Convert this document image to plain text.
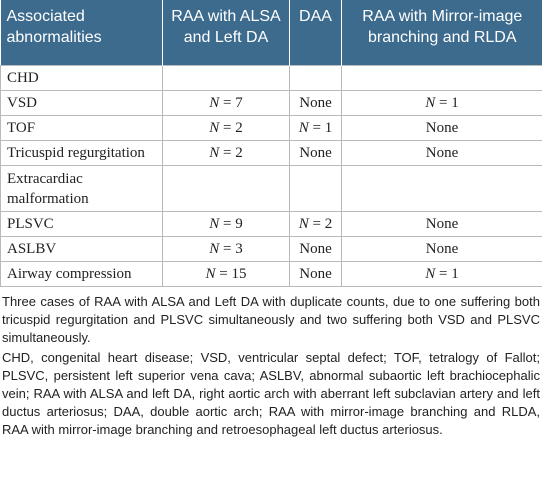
Associated abnormalities	RAA with ALSA and Left DA	DAA	RAA with Mirror-image branching and RLDA
CHD			
VSD	N = 7	None	N = 1
TOF	N = 2	N = 1	None
Tricuspid regurgitation	N = 2	None	None
Extracardiac malformation			
PLSVC	N = 9	N = 2	None
ASLBV	N = 3	None	None
Airway compression	N = 15	None	N = 1

Three cases of RAA with ALSA and Left DA with duplicate counts, due to one suffering both tricuspid regurgitation and PLSVC simultaneously and two suffering both VSD and PLSVC simultaneously.

CHD, congenital heart disease; VSD, ventricular septal defect; TOF, tetralogy of Fallot; PLSVC, persistent left superior vena cava; ASLBV, abnormal subaortic left brachiocephalic vein; RAA with ALSA and left DA, right aortic arch with aberrant left subclavian artery and left ductus arteriosus; DAA, double aortic arch; RAA with mirror-image branching and RLDA, RAA with mirror-image branching and retroesophageal left ductus arteriosus.
